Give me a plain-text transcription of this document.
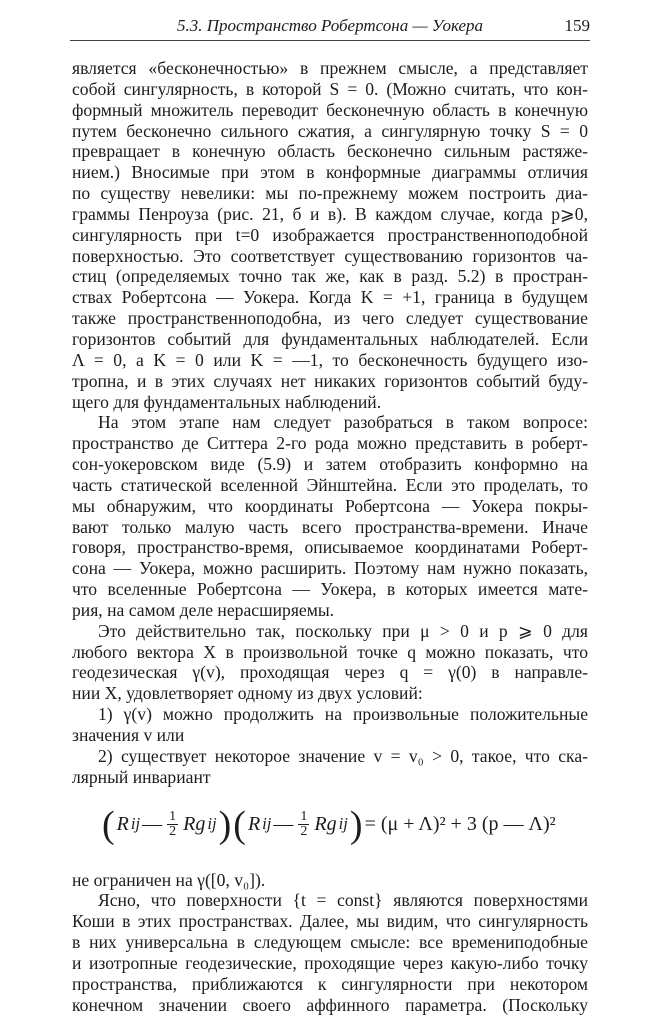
5.3. Пространство Робертсона — Уокера	159
является «бесконечностью» в прежнем смысле, а представляет
собой сингулярность, в которой S = 0. (Можно считать, что кон-
формный множитель переводит бесконечную область в конечную
путем бесконечно сильного сжатия, а сингулярную точку S = 0
превращает в конечную область бесконечно сильным растяже-
нием.) Вносимые при этом в конформные диаграммы отличия
по существу невелики: мы по-прежнему можем построить диа-
граммы Пенроуза (рис. 21, б и в). В каждом случае, когда p⩾0,
сингулярность при t=0 изображается пространственноподобной
поверхностью. Это соответствует существованию горизонтов ча-
стиц (определяемых точно так же, как в разд. 5.2) в простран-
ствах Робертсона — Уокера. Когда K = +1, граница в будущем
также пространственноподобна, из чего следует существование
горизонтов событий для фундаментальных наблюдателей. Если
Λ = 0, а K = 0 или K = —1, то бесконечность будущего изо-
тропна, и в этих случаях нет никаких горизонтов событий буду-
щего для фундаментальных наблюдений.
На этом этапе нам следует разобраться в таком вопросе:
пространство де Ситтера 2-го рода можно представить в роберт-
сон-уокеровском виде (5.9) и затем отобразить конформно на
часть статической вселенной Эйнштейна. Если это проделать, то
мы обнаружим, что координаты Робертсона — Уокера покры-
вают только малую часть всего пространства-времени. Иначе
говоря, пространство-время, описываемое координатами Роберт-
сона — Уокера, можно расширить. Поэтому нам нужно показать,
что вселенные Робертсона — Уокера, в которых имеется мате-
рия, на самом деле нерасширяемы.
Это действительно так, поскольку при μ > 0 и p ⩾ 0 для
любого вектора X в произвольной точке q можно показать, что
геодезическая γ(v), проходящая через q = γ(0) в направле-
нии X, удовлетворяет одному из двух условий:
1) γ(v) можно продолжить на произвольные положительные
значения v или
2) существует некоторое значение v = v₀ > 0, такое, что ска-
лярный инвариант
( R ij — $\frac{1}{2}$ Rg ij ) ( R ij — $\frac{1}{2}$ Rg ij ) = (μ + Λ)² + 3 (p — Λ)²
не ограничен на γ([0, v₀]).
Ясно, что поверхности {t = const} являются поверхностями
Коши в этих пространствах. Далее, мы видим, что сингулярность
в них универсальна в следующем смысле: все времениподобные
и изотропные геодезические, проходящие через какую-либо точку
пространства, приближаются к сингулярности при некотором
конечном значении своего аффинного параметра. (Поскольку
